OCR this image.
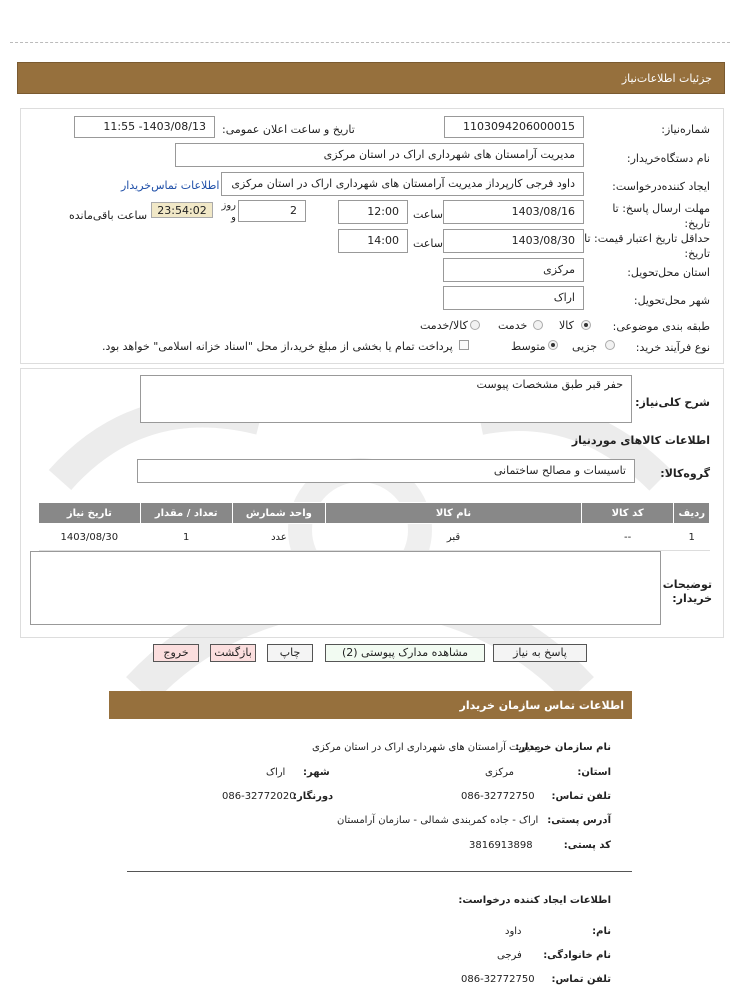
جزئیات اطلاعات‌نیاز
شماره‌نیاز:
1103094206000015
تاریخ و ساعت اعلان عمومی:
1403/08/13- 11:55
نام دستگاه‌خریدار:
مدیریت آرامستان های شهرداری اراک در استان مرکزی
ایجاد کننده‌درخواست:
داود فرجی کارپرداز مدیریت آرامستان های شهرداری اراک در استان مرکزی
اطلاعات تماس‌خریدار
مهلت ارسال پاسخ: تا تاریخ:
1403/08/16
ساعت
12:00
2
روز و
23:54:02
ساعت باقی‌مانده
حداقل تاریخ اعتبار قیمت: تا تاریخ:
1403/08/30
ساعت
14:00
استان محل‌تحویل:
مرکزی
شهر محل‌تحویل:
اراک
طبقه بندی موضوعی:
کالا
خدمت
کالا/خدمت
نوع فرآیند خرید:
جزیی
متوسط
پرداخت تمام یا بخشی از مبلغ خرید،از محل "اسناد خزانه اسلامی" خواهد بود.
شرح کلی‌نیاز:
حفر قبر طبق مشخصات پیوست
اطلاعات کالاهای موردنیاز
گروه‌کالا:
تاسیسات و مصالح ساختمانی
ردیف	کد کالا	نام کالا	واحد شمارش	تعداد / مقدار	تاریخ نیاز
1	--	قبر	عدد	1	1403/08/30
توضیحات خریدار:
پاسخ به نیاز
مشاهده مدارک پیوستی (2)
چاپ
بازگشت
خروج
اطلاعات تماس سازمان خریدار
نام سازمان خریدار:
مدیریت آرامستان های شهرداری اراک در استان مرکزی
استان:
مرکزی
شهر:
اراک
تلفن تماس:
086-32772750
دورنگار:
086-32772020
آدرس پستی:
اراک - جاده کمربندی شمالی - سازمان آرامستان
کد پستی:
3816913898
اطلاعات ایجاد کننده درخواست:
نام:
داود
نام خانوادگی:
فرجی
تلفن تماس:
086-32772750
